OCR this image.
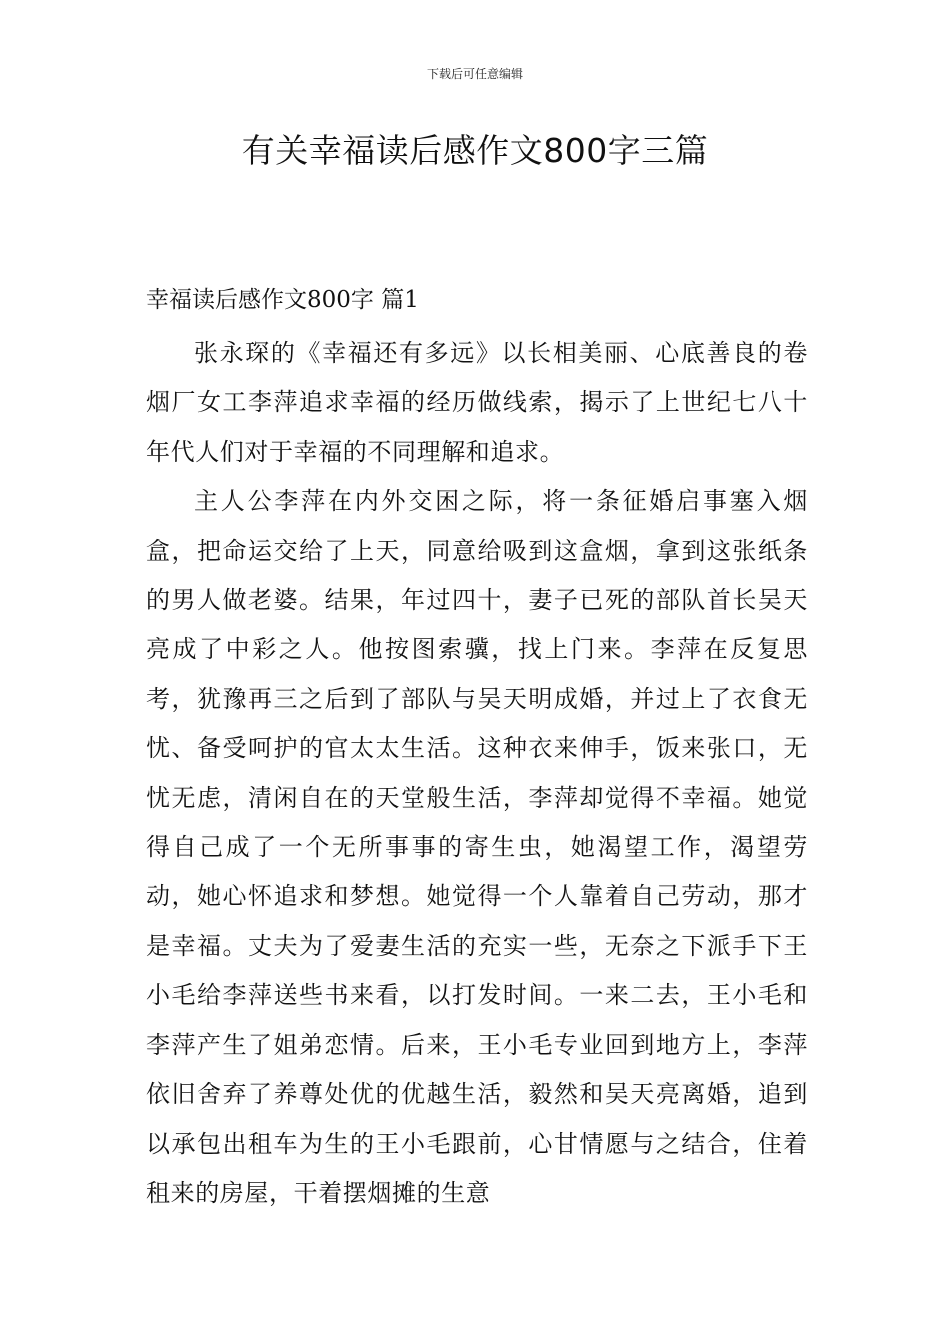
下载后可任意编辑
有关幸福读后感作文800字三篇

幸福读后感作文800字 篇1

张永琛的《幸福还有多远》以长相美丽、心底善良的卷烟厂女工李萍追求幸福的经历做线索，揭示了上世纪七八十年代人们对于幸福的不同理解和追求。

主人公李萍在内外交困之际，将一条征婚启事塞入烟盒，把命运交给了上天，同意给吸到这盒烟，拿到这张纸条的男人做老婆。结果，年过四十，妻子已死的部队首长吴天亮成了中彩之人。他按图索骥，找上门来。李萍在反复思考，犹豫再三之后到了部队与吴天明成婚，并过上了衣食无忧、备受呵护的官太太生活。这种衣来伸手，饭来张口，无忧无虑，清闲自在的天堂般生活，李萍却觉得不幸福。她觉得自己成了一个无所事事的寄生虫，她渴望工作，渴望劳动，她心怀追求和梦想。她觉得一个人靠着自己劳动，那才是幸福。丈夫为了爱妻生活的充实一些，无奈之下派手下王小毛给李萍送些书来看，以打发时间。一来二去，王小毛和李萍产生了姐弟恋情。后来，王小毛专业回到地方上，李萍依旧舍弃了养尊处优的优越生活，毅然和吴天亮离婚，追到以承包出租车为生的王小毛跟前，心甘情愿与之结合，住着租来的房屋，干着摆烟摊的生意
